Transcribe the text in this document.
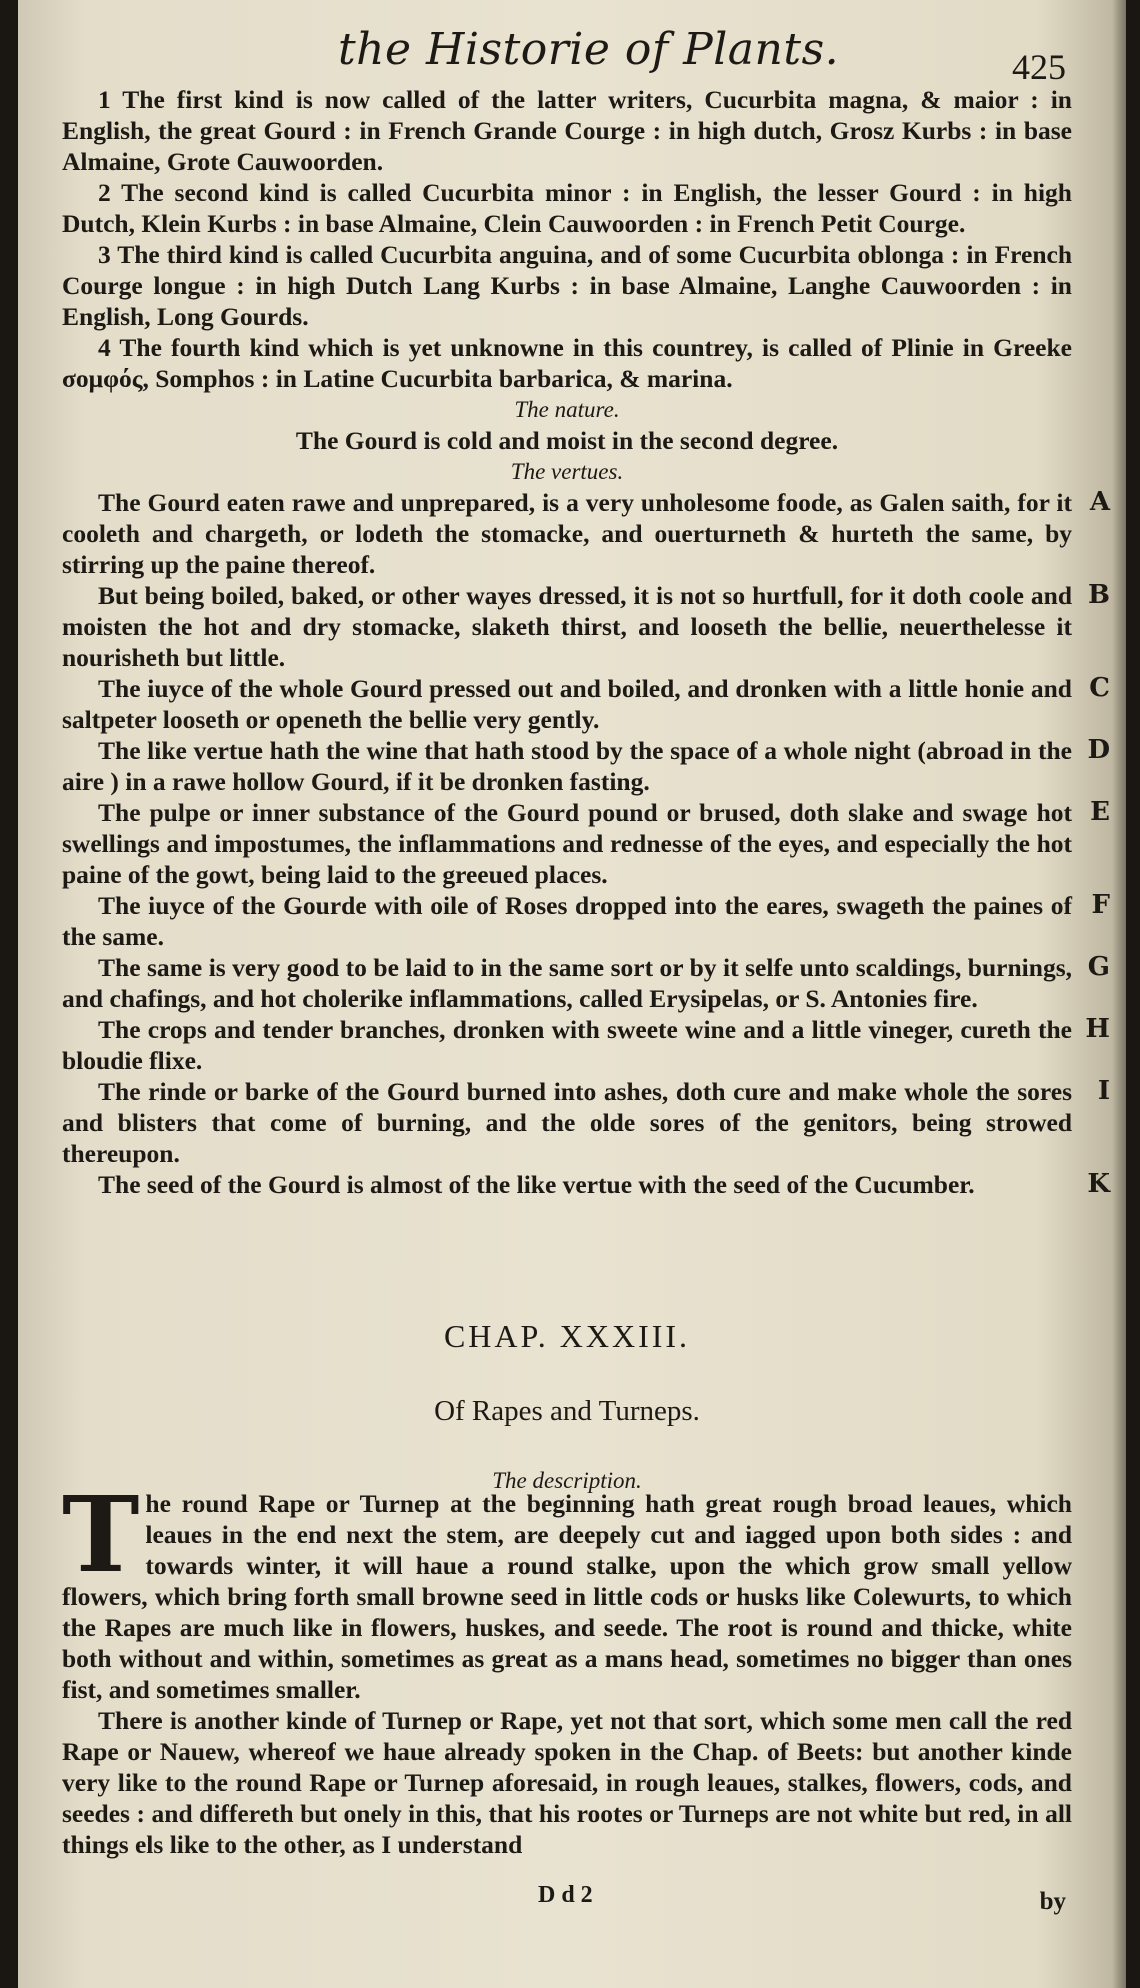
the Historie of Plants.	425

1 The first kind is now called of the latter writers, Cucurbita magna, & maior : in English, the great Gourd : in French Grande Courge : in high dutch, Grosz Kurbs : in base Almaine, Grote Cauwoorden.

2 The second kind is called Cucurbita minor : in English, the lesser Gourd : in high Dutch, Klein Kurbs : in base Almaine, Clein Cauwoorden : in French Petit Courge.

3 The third kind is called Cucurbita anguina, and of some Cucurbita oblonga : in French Courge longue : in high Dutch Lang Kurbs : in base Almaine, Langhe Cauwoorden : in English, Long Gourds.

4 The fourth kind which is yet unknowne in this countrey, is called of Plinie in Greeke σομφός, Somphos : in Latine Cucurbita barbarica, & marina.

The nature.

The Gourd is cold and moist in the second degree.

The vertues.

The Gourd eaten rawe and unprepared, is a very unholesome foode, as Galen saith, for it cooleth and chargeth, or lodeth the stomacke, and ouerturneth & hurteth the same, by stirring up the paine thereof.
A

But being boiled, baked, or other wayes dressed, it is not so hurtfull, for it doth coole and moisten the hot and dry stomacke, slaketh thirst, and looseth the bellie, neuerthelesse it nourisheth but little.
B

The iuyce of the whole Gourd pressed out and boiled, and dronken with a little honie and saltpeter looseth or openeth the bellie very gently.
C

The like vertue hath the wine that hath stood by the space of a whole night (abroad in the aire ) in a rawe hollow Gourd, if it be dronken fasting.
D

The pulpe or inner substance of the Gourd pound or brused, doth slake and swage hot swellings and impostumes, the inflammations and rednesse of the eyes, and especially the hot paine of the gowt, being laid to the greeued places.
E

The iuyce of the Gourde with oile of Roses dropped into the eares, swageth the paines of the same.
F

The same is very good to be laid to in the same sort or by it selfe unto scaldings, burnings, and chafings, and hot cholerike inflammations, called Erysipelas, or S. Antonies fire.
G

The crops and tender branches, dronken with sweete wine and a little vineger, cureth the bloudie flixe.
H

The rinde or barke of the Gourd burned into ashes, doth cure and make whole the sores and blisters that come of burning, and the olde sores of the genitors, being strowed thereupon.
I

The seed of the Gourd is almost of the like vertue with the seed of the Cucumber.	K

CHAP. XXXIII.

Of Rapes and Turneps.
The description.

The round Rape or Turnep at the beginning hath great rough broad leaues, which leaues in the end next the stem, are deepely cut and iagged upon both sides : and towards winter, it will haue a round stalke, upon the which grow small yellow flowers, which bring forth small browne seed in little cods or husks like Colewurts, to which the Rapes are much like in flowers, huskes, and seede. The root is round and thicke, white both without and within, sometimes as great as a mans head, sometimes no bigger than ones fist, and sometimes smaller.

There is another kinde of Turnep or Rape, yet not that sort, which some men call the red Rape or Nauew, whereof we haue already spoken in the Chap. of Beets: but another kinde very like to the round Rape or Turnep aforesaid, in rough leaues, stalkes, flowers, cods, and seedes : and differeth but onely in this, that his rootes or Turneps are not white but red, in all things els like to the other, as I understand

D d 2	by
